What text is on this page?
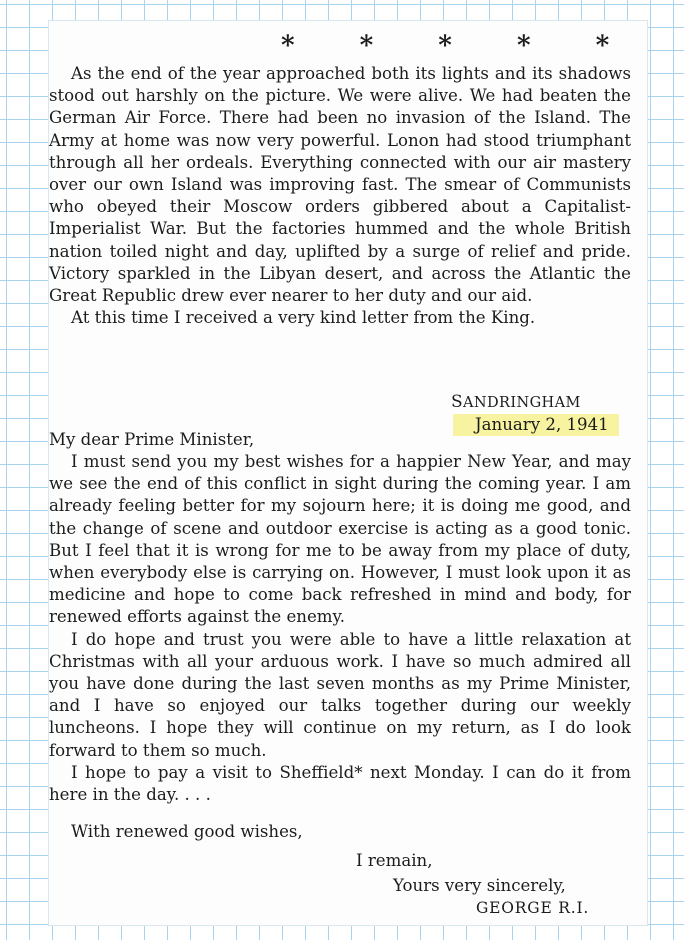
* * * * *

As the end of the year approached both its lights and its shadows stood out harshly on the picture. We were alive. We had beaten the German Air Force. There had been no invasion of the Island. The Army at home was now very powerful. Lonon had stood triumphant through all her ordeals. Everything connected with our air mastery over our own Island was improving fast. The smear of Communists who obeyed their Moscow orders gibbered about a Capitalist-Imperialist War. But the factories hummed and the whole British nation toiled night and day, uplifted by a surge of relief and pride. Victory sparkled in the Libyan desert, and across the Atlantic the Great Republic drew ever nearer to her duty and our aid.

At this time I received a very kind letter from the King.

SANDRINGHAM
January 2, 1941
My dear Prime Minister,

I must send you my best wishes for a happier New Year, and may we see the end of this conflict in sight during the coming year. I am already feeling better for my sojourn here; it is doing me good, and the change of scene and outdoor exercise is acting as a good tonic. But I feel that it is wrong for me to be away from my place of duty, when everybody else is carrying on. However, I must look upon it as medicine and hope to come back refreshed in mind and body, for renewed efforts against the enemy.

I do hope and trust you were able to have a little relaxation at Christmas with all your arduous work. I have so much admired all you have done during the last seven months as my Prime Minister, and I have so enjoyed our talks together during our weekly luncheons. I hope they will continue on my return, as I do look forward to them so much.

I hope to pay a visit to Sheffield* next Monday. I can do it from here in the day. . . .

With renewed good wishes,
I remain,
Yours very sincerely,
GEORGE R.I.
